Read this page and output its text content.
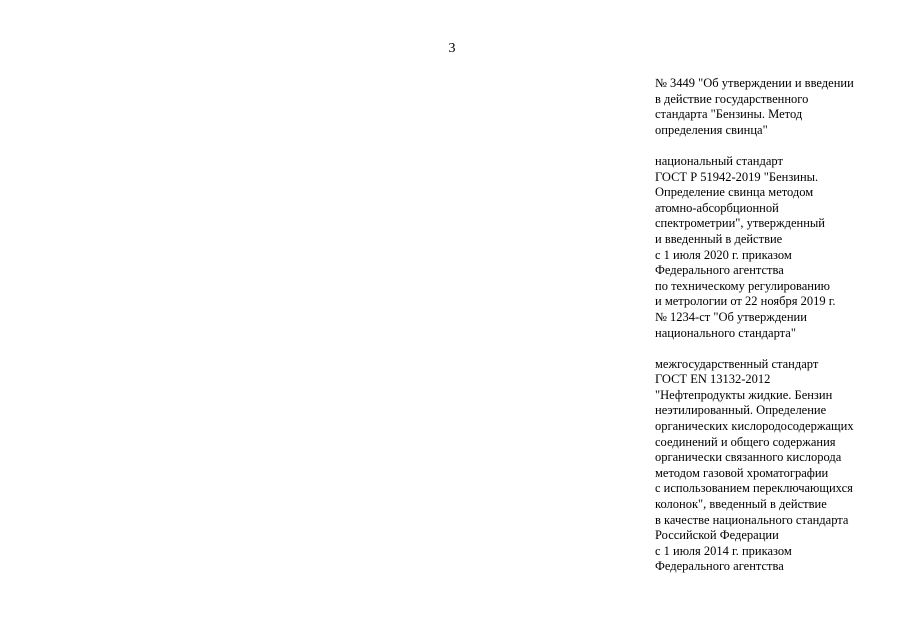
3
№ 3449 "Об утверждении и введении
в действие государственного
стандарта "Бензины. Метод
определения свинца"
национальный стандарт
ГОСТ Р 51942-2019 "Бензины.
Определение свинца методом
атомно-абсорбционной
спектрометрии", утвержденный
и введенный в действие
с 1 июля 2020 г. приказом
Федерального агентства
по техническому регулированию
и метрологии от 22 ноября 2019 г.
№ 1234-ст "Об утверждении
национального стандарта"
межгосударственный стандарт
ГОСТ EN 13132-2012
"Нефтепродукты жидкие. Бензин
неэтилированный. Определение
органических кислородосодержащих
соединений и общего содержания
органически связанного кислорода
методом газовой хроматографии
с использованием переключающихся
колонок", введенный в действие
в качестве национального стандарта
Российской Федерации
с 1 июля 2014 г. приказом
Федерального агентства
